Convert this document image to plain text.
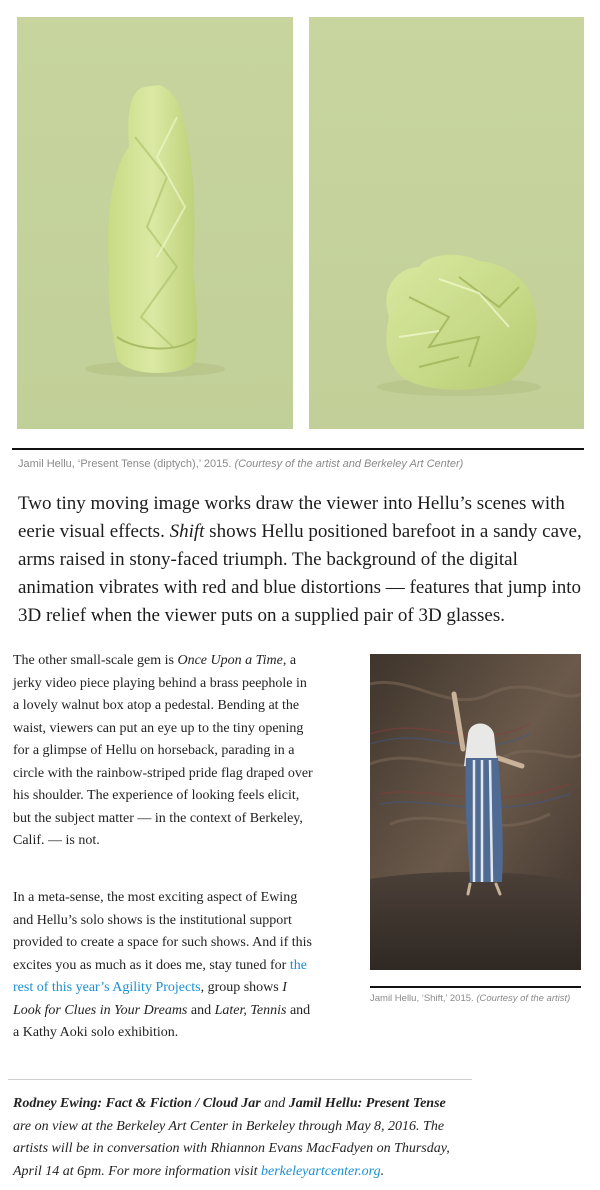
Jamil Hellu, ‘Present Tense (diptych),’ 2015. (Courtesy of the artist and Berkeley Art Center)

Two tiny moving image works draw the viewer into Hellu’s scenes with eerie visual effects. Shift shows Hellu positioned barefoot in a sandy cave, arms raised in stony-faced triumph. The background of the digital animation vibrates with red and blue distortions — features that jump into 3D relief when the viewer puts on a supplied pair of 3D glasses.

The other small-scale gem is Once Upon a Time, a jerky video piece playing behind a brass peephole in a lovely walnut box atop a pedestal. Bending at the waist, viewers can put an eye up to the tiny opening for a glimpse of Hellu on horseback, parading in a circle with the rainbow-striped pride flag draped over his shoulder. The experience of looking feels elicit, but the subject matter — in the context of Berkeley, Calif. — is not.

In a meta-sense, the most exciting aspect of Ewing and Hellu’s solo shows is the institutional support provided to create a space for such shows. And if this excites you as much as it does me, stay tuned for the rest of this year’s Agility Projects, group shows I Look for Clues in Your Dreams and Later, Tennis and a Kathy Aoki solo exhibition.

Jamil Hellu, ‘Shift,’ 2015. (Courtesy of the artist)

Rodney Ewing: Fact & Fiction / Cloud Jar and Jamil Hellu: Present Tense are on view at the Berkeley Art Center in Berkeley through May 8, 2016. The artists will be in conversation with Rhiannon Evans MacFadyen on Thursday, April 14 at 6pm. For more information visit berkeleyartcenter.org.
